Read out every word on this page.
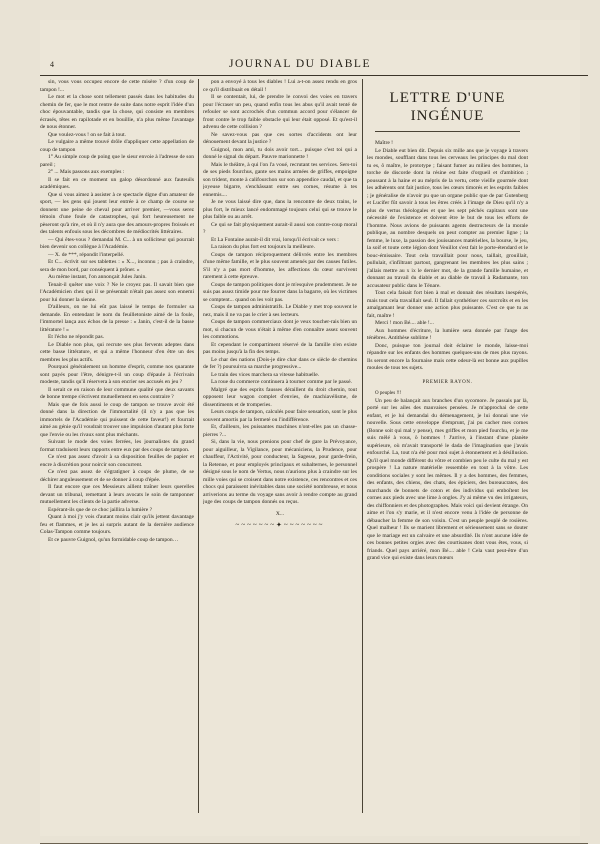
4	JOURNAL DU DIABLE

sin, vous vous occupez encore de cette misère ? d'un coup de tampon !...

Le mot et la chose sont tellement passés dans les habitudes du chemin de fer, que le mot rentre de suite dans notre esprit l'idée d'un choc épouvantable, tandis que la chose, qui consiste en membres écrasés, têtes en rapilotade et en bouillie, n'a plus même l'avantage de nous étonner.

Que voulez-vous ! on se fait à tout.

Le vulgaire a même trouvé drôle d'appliquer cette appellation de coup de tampon

1° Au simple coup de poing que le sieur envoie à l'adresse de son pareil ;

2° ... Mais passons aux exemples :

Il se fait en ce moment un galop désordonné aux fauteuils académiques.

Que si vous aimez à assister à ce spectacle digne d'un amateur de sport, — les gens qui jouent leur entrée à ce champ de course se donnent une peine de cheval pour arriver premier, —vous serez témoin d'une foule de catastrophes, qui fort heureusement ne pèseront qu'à rire, et où il n'y aura que des amours-propres froissés et des talents enfouis sous les décombres de médiocrités littéraires.

— Qui êtes-vous ? demandai M. C... à un solliciteur qui pourrait bien devenir son collègue à l'Académie.

— X. de ***, répondit l'interpellé.

Et C... écrivit sur ses tablettes : « X..., inconnu ; pas à craindre, sera de mon bord, par conséquent à prôner. »

Au même instant, l'on annonçait Jules Janin.

Tenait-il quêter une voix ? Ne le croyez pas. Il savait bien que l'Académicien chez qui il se présentait n'était pas assez son ennemi pour lui donner la sienne.

D'ailleurs, on ne lui eût pas laissé le temps de formuler sa demande. En entendant le nom du feuilletoniste aimé de la foule, l'immortel lança aux échos de la presse : « Janin, c'est-il de la basse littérature ! »

Et l'écho ne répondit pas.

Le Diable non plus, qui recrute ses plus fervents adeptes dans cette basse littérature, et qui a même l'honneur d'en être un des membres les plus actifs.

Pourquoi généralement un homme d'esprit, comme nos quarante sont payés pour l'être, dénigre-t-il un coup d'épaule à l'écrivain modeste, tandis qu'il réservera à son encrier ses accusés en jeu ?

Il serait ce en raison de leur commune qualité que deux savants de bonne trempe s'écrivent mutuellement en sens contraire ?

Mais que de fois aussi le coup de tampon se trouve avoir été donné dans la direction de l'immortalité (il n'y a pas que les immortels de l'Académie qui puissent de cette faveur!) et fourrait aimé au génie qu'il voudrait trouver une impulsion d'autant plus forte que l'envie ou les rivaux sont plus méchants.

Suivant le mode des voies ferrées, les journalistes du grand format traduisent leurs rapports entre eux par des coups de tampon.

Ce n'est pas assez d'avoir à sa disposition feuilles de papier et encre à discrétion pour noircir son concurrent.

Ce n'est pas assez de s'égratigner à coups de plume, de se déchirer anguleusement et de se donner à coup d'épée.

Il faut encore que ces Messieurs aillent traîner leurs querelles devant un tribunal, remettant à leurs avocats le soin de tamponner mutuellement les clients de la partie adverse.

Espérant-ils que de ce choc jaillira la lumière ?

Quant à moi j'y vois d'autant moins clair qu'ils jettent davantage feu et flammes, et je les ai surpris autant de la dernière audience Colas-Tampon comme toujours.

Et ce pauvre Guignol, qu'un formidable coup de tampon…

pon a envoyé à tous les diables ! Lui a-t-on assez rendu en gros ce qu'il distribuait en détail !

Il se contentait, lui, de prendre le convoi des voies en travers pour l'écraser un peu, quand enfin tous les abus qu'il avait tenté de refouler se sont accrochés d'un commun accord pour s'élancer de front contre le trop faible obstacle qui leur était opposé. Et qu'est-il advenu de cette collision ?

Ne savez-vous pas que ces sortes d'accidents ont leur dénouement devant la justice ?

Guignol, mon ami, tu dois avoir tort... puisque c'est toi qui a donné le signal du départ. Pauvre marionnette !

Mais le théâtre, à qui l'on l'a voué, recrutant tes services. Sers-toi de ses pieds fourchus, gante ses mains armées de griffes, empoigne son trident, monte à califourchon sur son appendice caudal, et que ta joyeuse bigarre, s'enchâssant entre ses cornes, résume à tes ennemis....

Je ne vous laissé dire que, dans la rencontre de deux trains, le plus fort, le mieux lancé endommagé toujours celui qui se trouve le plus faible ou au arrêt.

Ce qui se fait physiquement aurait-il aussi son contre-coup moral ?

Et La Fontaine aurait-il dit vrai, lorsqu'il écrivait ce vers :

La raison du plus fort est toujours la meilleure.

Coups de tampon réciproquement délivrés entre les membres d'une même famille, et le plus souvent amenés par des causes futiles. S'il n'y a pas mort d'homme, les affections du cœur survivent rarement à cette épreuve.

Coups de tampon politiques dont je m'esquive prudemment. Je ne suis pas assez timide pour me fourrer dans la bagarre, où les victimes se comptent... quand on les voit pas.

Coups de tampon administratifs. Le Diable y met trop souvent le nez, mais il ne va pas le crier à ses lecteurs.

Coups de tampon commerciaux dont je veux toucher-rais bien un mot, si chacun de vous n'était à même d'en connaître assez souvent les commotions.

Et cependant le compartiment réservé de la famille n'en existe pas moins jusqu'à la fin des temps.

Le char des nations (Dois-je dire char dans ce siècle de chemins de fer ?) poursuivra sa marche progressive...

Le train des vices marchera sa vitesse habituelle.

La roue du commerce continuera à tourner comme par le passé.

Malgré que des esprits fausses déraillent du droit chemin, tout opposent leur wagon complet d'envies, de machiavélisme, de dissentiments et de tromperies.

Leurs coups de tampon, calculés pour faire sensation, sont le plus souvent amortis par la fermeté ou l'indifférence.

Et, d'ailleurs, les puissantes machines n'ont-elles pas un chasse-pierres ?...

Si, dans la vie, nous prenions pour chef de gare la Prévoyance, pour aiguilleur, la Vigilance, pour mécaniciens, la Prudence, pour chauffeur, l'Activité, pour conducteur, la Sagesse, pour garde-frein, la Retenue, et pour employés principaux et subalternes, le personnel désigné sous le nom de Vertus, nous n'aurions plus à craindre sur les mille voies qui se croisent dans notre existence, ces rencontres et ces chocs qui paraissent inévitables dans une société nombreuse, et nous arriverions au terme du voyage sans avoir à rendre compte au grand juge des coups de tampon donnés ou reçus.

X...
~~~~~~~✦~~~~~~~
LETTRE D'UNE INGÉNUE

Maître !

Le Diable eut bien dit. Depuis six mille ans que je voyage à travers les mondes, soufflant dans tous les cerveaux les principes du mal dont tu es, ô maître, le prototype ; faisant fumer au milieu des hommes, la torche de discorde dont la résine est faite d'orgueil et d'ambition ; poussant à la haine et au mépris de la vertu, cette vieille gourmée dont les adhérents ont fait justice, tous les cœurs timorés et les esprits faibles ; je généralise de n'avoir pu que un organe public que de par Gutenberg et Lucifer fût savoir à tous les êtres créés à l'image de Dieu qu'il n'y a plus de vertus théologales et que les sept péchés capitaux sont une nécessité de l'existence et doivent être le but de tous les efforts de l'homme. Nous avions de puissants agents destructeurs de la morale publique, au nombre desquels on peut compter au premier ligne ; la femme, le luxe, la passion des jouissances matérielles, la bourse, le jeu, la soif et toute cette légion dont Veuillot s'est fait le porte-étendard et le bouc-émissaire. Tout cela travaillait pour nous, taillait, grouillait, pullulait, s'infiltrant partout, gangrenant les membres les plus sains ; j'allais mettre au x ix le dernier mot, de la grande famille humaine, et donnant au travail du diable et au diable de travail à Radamante, ton accusateur public dans le Ténare.

Tout cela faisait fort bien à mal et donnait des résultats inespérés, mais tout cela travaillait seul. Il fallait synthétiser ces surcroîts et en les amalgamant leur donner une action plus puissante. C'est ce que tu as fait, maître !

Merci ! mon Bé.... able !...

Aux hommes d'écriture, la lumière sera donnée par l'ange des ténèbres. Antithèse sublime !

Donc, puisque ton journal doit éclairer le monde, laisse-moi répandre sur les enfants des hommes quelques-uns de mes plus rayons. Ils seront encore la fournaise mais cette odeur-là est bonne aux pupilles moules de tous tes sujets.

PREMIER RAYON.

O peuples !!!

Un peu de balançait aux branches d'un sycomore. Je passais par là, porté sur les ailes des mauvaises pensées. Je m'approchai de cette enfant, et je lui demandai du démenagement, je lui donnai une vie nouvelle. Sous cette enveloppe d'emprunt, j'ai pu cacher mes cornes (Bonne soit qui mal y pense), mes griffes et mon pied fourchu, et je me suis mêlé à vous, ô hommes ! J'arrive, à l'instant d'une planète supérieure, où m'avait transporté le dada de l'imagination que j'avais enfourché. La, tout n'a été pour moi sujet à étonnement et à désillusion. Qu'il quel monde différent du vôtre et combien peu le culte du mal y est prospère ! La nature matérielle ressemble en tout à la vôtre. Les conditions sociales y sont les mêmes. Il y a des hommes, des femmes, des enfants, des chiens, des chats, des épiciers, des bureaucrates, des marchands de bonnets de coton et des individus qui emboîtent les cornes aux pieds avec une lime à ongles. J'y ai même vu des irrigateurs, des chiffonniers et des photographes. Mais voici qui devient étrange. On aime et l'on s'y marie, et il n'est encore venu à l'idée de personne de débaucher la femme de son voisin. C'est un peuple peuplé de rosières. Quel malheur ! Ils se marient librement et sérieusement sans se douter que le mariage est un calvaire et une absurdité. Ils n'ont aucune idée de ces bonnes petites orgies avec des courtisanes dont vous êtes, vous, si friands. Quel pays arriéré, mon Bé.... able ! Cela vaut peut-être d'un grand vice qui existe dans leurs mœurs
